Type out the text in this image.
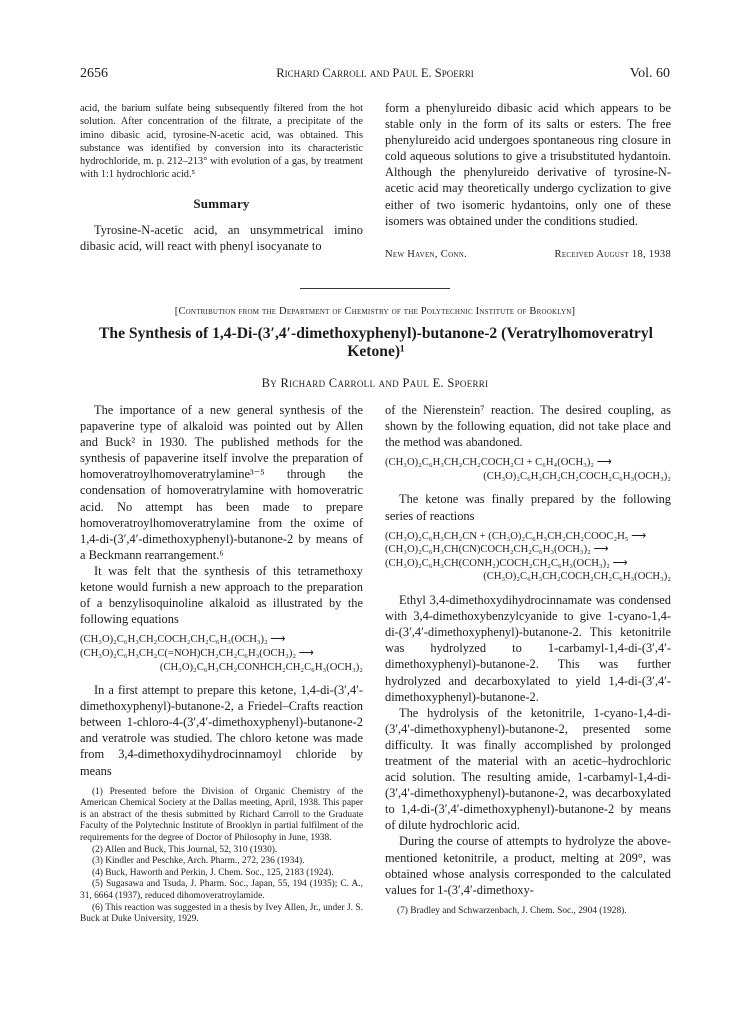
2656	Richard Carroll and Paul E. Spoerri	Vol. 60

acid, the barium sulfate being subsequently filtered from the hot solution. After concentration of the filtrate, a precipitate of the imino dibasic acid, tyrosine-N-acetic acid, was obtained. This substance was identified by conversion into its characteristic hydrochloride, m. p. 212–213° with evolution of a gas, by treatment with 1:1 hydrochloric acid.⁵

Summary

Tyrosine-N-acetic acid, an unsymmetrical imino dibasic acid, will react with phenyl isocyanate to

form a phenylureido dibasic acid which appears to be stable only in the form of its salts or esters. The free phenylureido acid undergoes spontaneous ring closure in cold aqueous solutions to give a trisubstituted hydantoin. Although the phenylureido derivative of tyrosine-N-acetic acid may theoretically undergo cyclization to give either of two isomeric hydantoins, only one of these isomers was obtained under the conditions studied.

New Haven, Conn.	Received August 18, 1938
[Contribution from the Department of Chemistry of the Polytechnic Institute of Brooklyn]
The Synthesis of 1,4-Di-(3′,4′-dimethoxyphenyl)-butanone-2 (Veratrylhomoveratryl Ketone)¹
By Richard Carroll and Paul E. Spoerri

The importance of a new general synthesis of the papaverine type of alkaloid was pointed out by Allen and Buck² in 1930. The published methods for the synthesis of papaverine itself involve the preparation of homoveratroylhomoveratrylamine³⁻⁵ through the condensation of homoveratrylamine with homoveratric acid. No attempt has been made to prepare homoveratroylhomoveratrylamine from the oxime of 1,4-di-(3′,4′-dimethoxyphenyl)-butanone-2 by means of a Beckmann rearrangement.⁶

It was felt that the synthesis of this tetramethoxy ketone would furnish a new approach to the preparation of a benzylisoquinoline alkaloid as illustrated by the following equations

(CH₃O)₂C₆H₃CH₂COCH₂CH₂C₆H₃(OCH₃)₂ ⟶
(CH₃O)₂C₆H₃CH₂C(=NOH)CH₂CH₂C₆H₃(OCH₃)₂ ⟶
(CH₃O)₂C₆H₃CH₂CONHCH₂CH₂C₆H₃(OCH₃)₂

In a first attempt to prepare this ketone, 1,4-di-(3′,4′-dimethoxyphenyl)-butanone-2, a Friedel–Crafts reaction between 1-chloro-4-(3′,4′-dimethoxyphenyl)-butanone-2 and veratrole was studied. The chloro ketone was made from 3,4-dimethoxydihydrocinnamoyl chloride by means

(1) Presented before the Division of Organic Chemistry of the American Chemical Society at the Dallas meeting, April, 1938. This paper is an abstract of the thesis submitted by Richard Carroll to the Graduate Faculty of the Polytechnic Institute of Brooklyn in partial fulfilment of the requirements for the degree of Doctor of Philosophy in June, 1938.

(2) Allen and Buck, This Journal, 52, 310 (1930).

(3) Kindler and Peschke, Arch. Pharm., 272, 236 (1934).

(4) Buck, Haworth and Perkin, J. Chem. Soc., 125, 2183 (1924).

(5) Sugasawa and Tsuda, J. Pharm. Soc., Japan, 55, 194 (1935); C. A., 31, 6664 (1937), reduced dihomoveratroylamide.

(6) This reaction was suggested in a thesis by Ivey Allen, Jr., under J. S. Buck at Duke University, 1929.

of the Nierenstein⁷ reaction. The desired coupling, as shown by the following equation, did not take place and the method was abandoned.

(CH₃O)₂C₆H₃CH₂CH₂COCH₂Cl + C₆H₄(OCH₃)₂ ⟶
(CH₃O)₂C₆H₃CH₂CH₂COCH₂C₆H₃(OCH₃)₂

The ketone was finally prepared by the following series of reactions

(CH₃O)₂C₆H₃CH₂CN + (CH₃O)₂C₆H₃CH₂CH₂COOC₂H₅ ⟶
(CH₃O)₂C₆H₃CH(CN)COCH₂CH₂C₆H₃(OCH₃)₂ ⟶
(CH₃O)₂C₆H₃CH(CONH₂)COCH₂CH₂C₆H₃(OCH₃)₂ ⟶
(CH₃O)₂C₆H₃CH₂COCH₂CH₂C₆H₃(OCH₃)₂

Ethyl 3,4-dimethoxydihydrocinnamate was condensed with 3,4-dimethoxybenzylcyanide to give 1-cyano-1,4-di-(3′,4′-dimethoxyphenyl)-butanone-2. This ketonitrile was hydrolyzed to 1-carbamyl-1,4-di-(3′,4′-dimethoxyphenyl)-butanone-2. This was further hydrolyzed and decarboxylated to yield 1,4-di-(3′,4′-dimethoxyphenyl)-butanone-2.

The hydrolysis of the ketonitrile, 1-cyano-1,4-di-(3′,4′-dimethoxyphenyl)-butanone-2, presented some difficulty. It was finally accomplished by prolonged treatment of the material with an acetic–hydrochloric acid solution. The resulting amide, 1-carbamyl-1,4-di-(3′,4′-dimethoxyphenyl)-butanone-2, was decarboxylated to 1,4-di-(3′,4′-dimethoxyphenyl)-butanone-2 by means of dilute hydrochloric acid.

During the course of attempts to hydrolyze the above-mentioned ketonitrile, a product, melting at 209°, was obtained whose analysis corresponded to the calculated values for 1-(3′,4′-dimethoxy-

(7) Bradley and Schwarzenbach, J. Chem. Soc., 2904 (1928).
